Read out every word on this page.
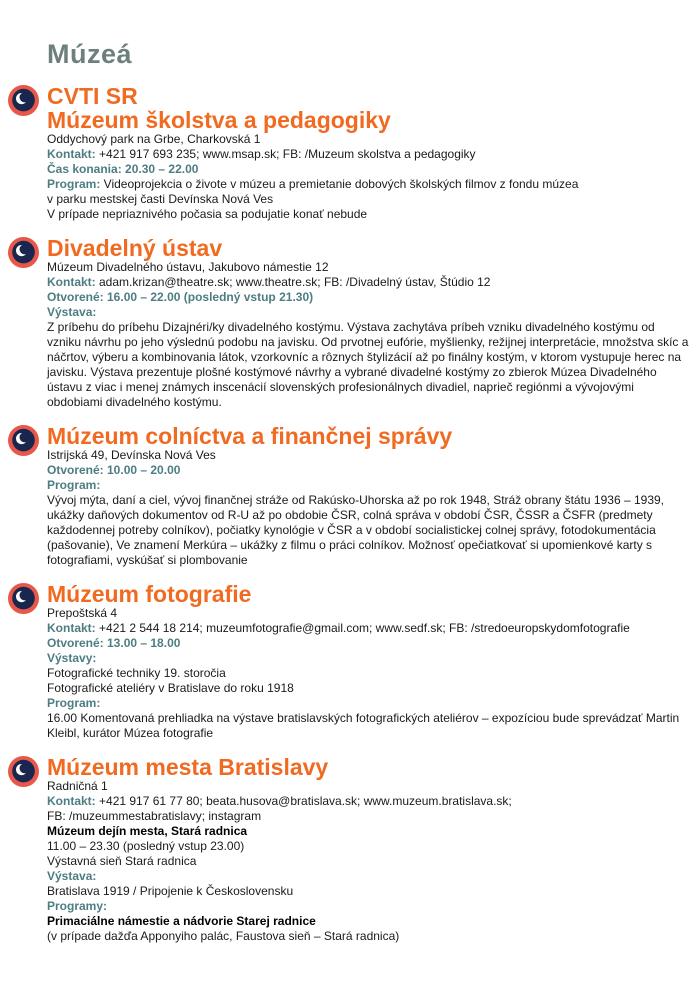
Múzeá
CVTI SR
Múzeum školstva a pedagogiky

Oddychový park na Grbe, Charkovská 1

Kontakt: +421 917 693 235; www.msap.sk; FB: /Muzeum skolstva a pedagogiky

Čas konania: 20.30 – 22.00

Program: Videoprojekcia o živote v múzeu a premietanie dobových školských filmov z fondu múzea

v parku mestskej časti Devínska Nová Ves

V prípade nepriaznivého počasia sa podujatie konať nebude

Divadelný ústav

Múzeum Divadelného ústavu, Jakubovo námestie 12

Kontakt: adam.krizan@theatre.sk; www.theatre.sk; FB: /Divadelný ústav, Štúdio 12

Otvorené: 16.00 – 22.00 (posledný vstup 21.30)

Výstava:

Z príbehu do príbehu Dizajnéri/ky divadelného kostýmu. Výstava zachytáva príbeh vzniku divadelného kostýmu od vzniku návrhu po jeho výslednú podobu na javisku. Od prvotnej eufórie, myšlienky, režijnej interpretácie, množstva skíc a náčrtov, výberu a kombinovania látok, vzorkovníc a rôznych štylizácií až po finálny kostým, v ktorom vystupuje herec na javisku. Výstava prezentuje plošné kostýmové návrhy a vybrané divadelné kostýmy zo zbierok Múzea Divadelného ústavu z viac i menej známych inscenácií slovenských profesionálnych divadiel, naprieč regiónmi a vývojovými obdobiami divadelného kostýmu.

Múzeum colníctva a finančnej správy

Istrijská 49, Devínska Nová Ves

Otvorené: 10.00 – 20.00

Program:

Vývoj mýta, daní a ciel, vývoj finančnej stráže od Rakúsko-Uhorska až po rok 1948, Stráž obrany štátu 1936 – 1939, ukážky daňových dokumentov od R-U až po obdobie ČSR, colná správa v období ČSR, ČSSR a ČSFR (predmety každodennej potreby colníkov), počiatky kynológie v ČSR a v období socialistickej colnej správy, fotodokumentácia (pašovanie), Ve znamení Merkúra – ukážky z filmu o práci colníkov. Možnosť opečiatkovať si upomienkové karty s fotografiami, vyskúšať si plombovanie

Múzeum fotografie

Prepoštská 4

Kontakt: +421 2 544 18 214; muzeumfotografie@gmail.com; www.sedf.sk; FB: /stredoeuropskydomfotografie

Otvorené: 13.00 – 18.00

Výstavy:

Fotografické techniky 19. storočia

Fotografické ateliéry v Bratislave do roku 1918

Program:

16.00 Komentovaná prehliadka na výstave bratislavských fotografických ateliérov – expozíciou bude sprevádzať Martin Kleibl, kurátor Múzea fotografie

Múzeum mesta Bratislavy

Radničná 1

Kontakt: +421 917 61 77 80; beata.husova@bratislava.sk; www.muzeum.bratislava.sk;

FB: /muzeummestabratislavy; instagram

Múzeum dejín mesta, Stará radnica

11.00 – 23.30 (posledný vstup 23.00)

Výstavná sieň Stará radnica

Výstava:

Bratislava 1919 / Pripojenie k Československu

Programy:

Primaciálne námestie a nádvorie Starej radnice

(v prípade dažďa Apponyiho palác, Faustova sieň – Stará radnica)
